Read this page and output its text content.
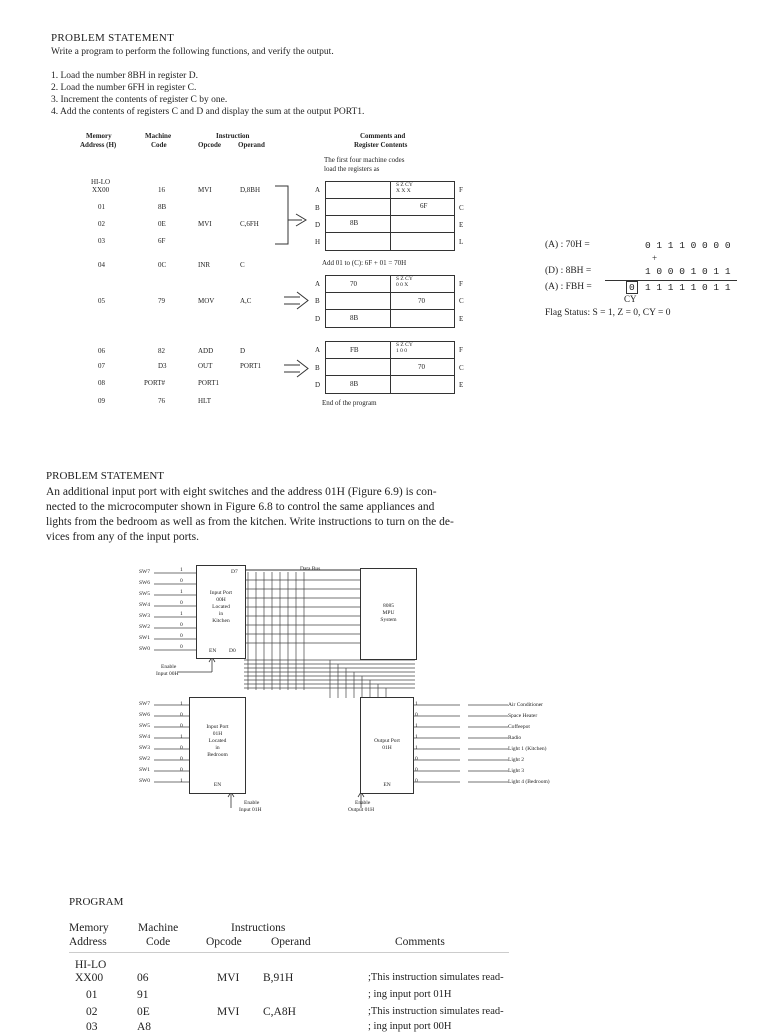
PROBLEM STATEMENT
Write a program to perform the following functions, and verify the output.
1. Load the number 8BH in register D.
2. Load the number 6FH in register C.
3. Increment the contents of register C by one.
4. Add the contents of registers C and D and display the sum at the output PORT1.
Memory
Address (H)
Machine
Code
Instruction
Opcode Operand
Comments and
Register Contents
The first four machine codes
load the registers as
HI-LO
XX00	16	MVI	D,8BH
01	8B
02	0E	MVI	C,6FH
03	6F
04	0C	INR	C
05	79	MOV	A,C
06	82	ADD	D
07	D3	OUT	PORT1
08	PORT#	PORT1
09	76	HLT
A
B
D
H
F
C
E
L
S Z CY
X X X
6F
8B
Add 01 to (C): 6F + 01 = 70H
A
B
D
F
C
E
70
S Z CY
0 0 X
70
8B
A
B
D
F
C
E
FB
S Z CY
1 0 0
70
8B
End of the program
(A) : 70H =	0 1 1 1 0 0 0 0
+
(D) : 8BH =	1 0 0 0 1 0 1 1
(A) : FBH =	0	1 1 1 1 1 0 1 1
CY
Flag Status: S = 1, Z = 0, CY = 0
PROBLEM STATEMENT
An additional input port with eight switches and the address 01H (Figure 6.9) is con-
nected to the microcomputer shown in Figure 6.8 to control the same appliances and
lights from the bedroom as well as from the kitchen. Write instructions to turn on the de-
vices from any of the input ports.
Data Bus
D7
Input Port
00H
Located
in
Kitchen
EN D0
8085
MPU
System
Input Port
01H
Located
in
Bedroom
EN
Output Port
01H
EN
SW7	1
SW7	1	1	Air Conditioner
SW6	0
SW6	0	0	Space Heater
SW5	1
SW5	0	1	Coffeepot
SW4	0
SW4	1	1	Radio
SW3	1
SW3	0	1	Light 1 (Kitchen)
SW2	0
SW2	0	0	Light 2
SW1	0
SW1	0	0	Light 3
SW0	0
SW0	1	0	Light 4 (Bedroom)
Enable
Input 00H
Enable
Input 01H
Enable
Output 01H
PROGRAM
Memory
Address
Machine
Code
Instructions
Opcode	Operand	Comments
HI-LO
XX00	06	MVI B,91H	;This instruction simulates read-
01	91	; ing input port 01H
02	0E	MVI C,A8H	;This instruction simulates read-
03	A8	; ing input port 00H
